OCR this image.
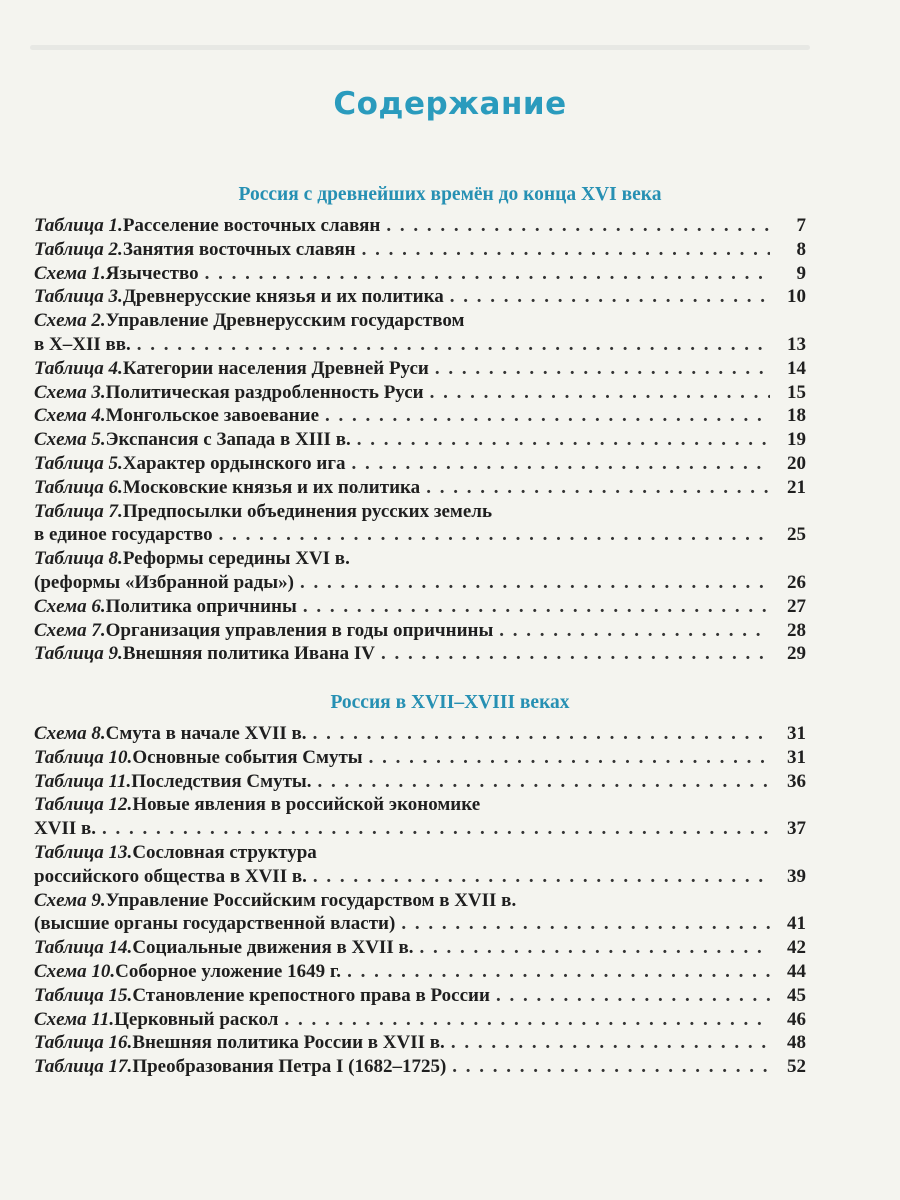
Содержание
Россия с древнейших времён до конца XVI века
Таблица 1. Расселение восточных славян . . .	7
Таблица 2. Занятия восточных славян . . .	8
Схема 1. Язычество . . .	9
Таблица 3. Древнерусские князья и их политика . . .	10
Схема 2. Управление Древнерусским государством
в X–XII вв. . . .	13
Таблица 4. Категории населения Древней Руси . . .	14
Схема 3. Политическая раздробленность Руси . . .	15
Схема 4. Монгольское завоевание . . .	18
Схема 5. Экспансия с Запада в XIII в. . . .	19
Таблица 5. Характер ордынского ига . . .	20
Таблица 6. Московские князья и их политика . . .	21
Таблица 7. Предпосылки объединения русских земель
в единое государство . . .	25
Таблица 8. Реформы середины XVI в.
(реформы «Избранной рады») . . .	26
Схема 6. Политика опричнины . . .	27
Схема 7. Организация управления в годы опричнины . . .	28
Таблица 9. Внешняя политика Ивана IV . . .	29
Россия в XVII–XVIII веках
Схема 8. Смута в начале XVII в. . . .	31
Таблица 10. Основные события Смуты . . .	31
Таблица 11. Последствия Смуты. . . .	36
Таблица 12. Новые явления в российской экономике
XVII в. . . .	37
Таблица 13. Сословная структура
российского общества в XVII в. . . .	39
Схема 9. Управление Российским государством в XVII в.
(высшие органы государственной власти) . . .	41
Таблица 14. Социальные движения в XVII в. . . .	42
Схема 10. Соборное уложение 1649 г. . . .	44
Таблица 15. Становление крепостного права в России . . .	45
Схема 11. Церковный раскол . . .	46
Таблица 16. Внешняя политика России в XVII в. . . .	48
Таблица 17. Преобразования Петра I (1682–1725) . . .	52
